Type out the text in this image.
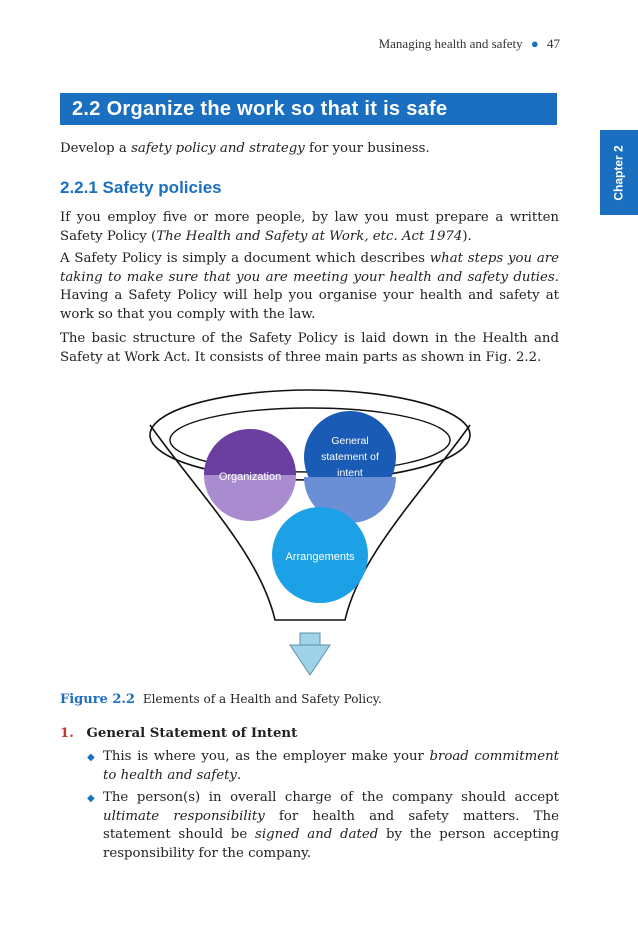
Managing health and safety ● 47
2.2 Organize the work so that it is safe
Chapter 2

Develop a safety policy and strategy for your business.

2.2.1 Safety policies

If you employ five or more people, by law you must prepare a written Safety Policy (The Health and Safety at Work, etc. Act 1974).

A Safety Policy is simply a document which describes what steps you are taking to make sure that you are meeting your health and safety duties. Having a Safety Policy will help you organise your health and safety at work so that you comply with the law.

The basic structure of the Safety Policy is laid down in the Health and Safety at Work Act. It consists of three main parts as shown in Fig. 2.2.

Organization
General
statement of
intent
Arrangements
Figure 2.2 Elements of a Health and Safety Policy.
1. General Statement of Intent
◆ This is where you, as the employer make your broad commitment to health and safety.

◆ The person(s) in overall charge of the company should accept ultimate responsibility for health and safety matters. The statement should be signed and dated by the person accepting responsibility for the company.
